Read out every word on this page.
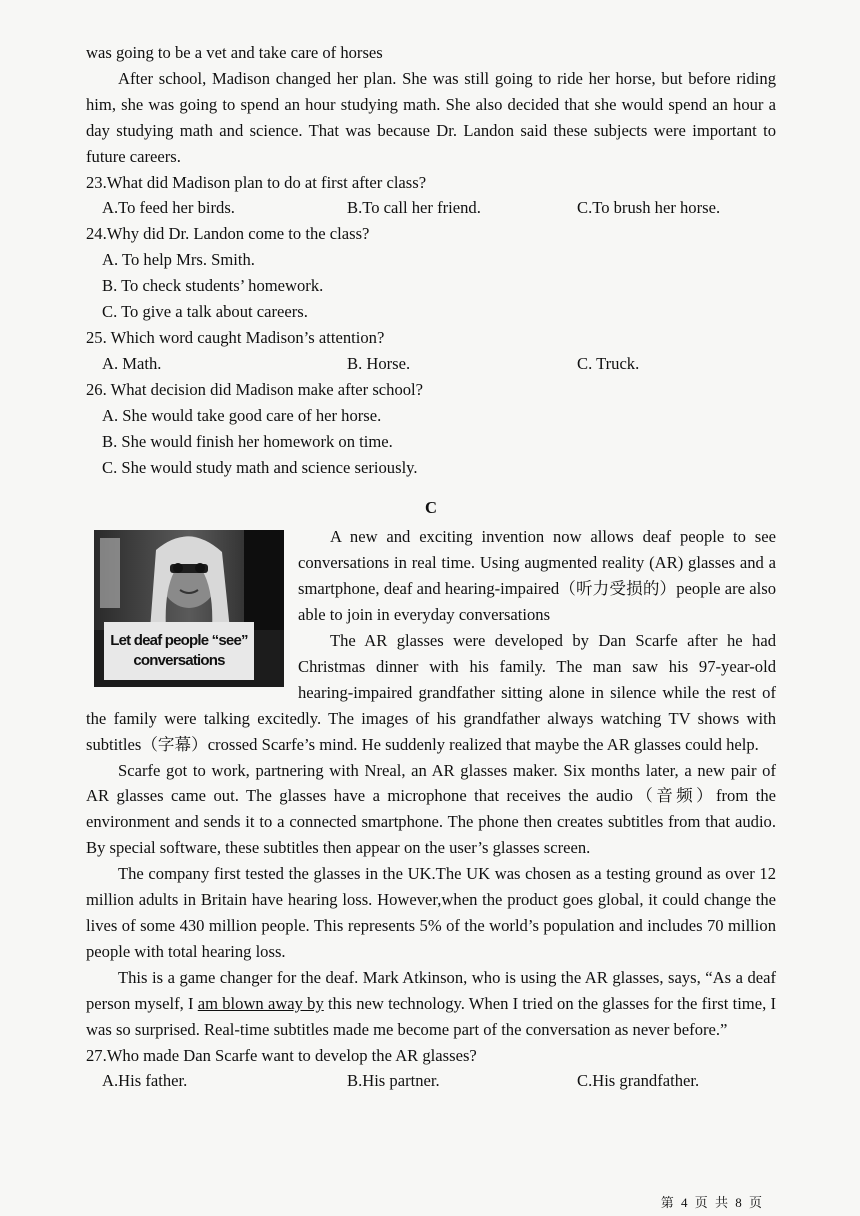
was going to be a vet and take care of horses

After school, Madison changed her plan. She was still going to ride her horse, but before riding him, she was going to spend an hour studying math. She also decided that she would spend an hour a day studying math and science. That was because Dr. Landon said these subjects were important to future careers.

23.What did Madison plan to do at first after class?

A.To feed her birds.	B.To call her friend.	C.To brush her horse.

24.Why did Dr. Landon come to the class?

A. To help Mrs. Smith.
B. To check students’ homework.
C. To give a talk about careers.

25. Which word caught Madison’s attention?

A. Math.	B. Horse.	C. Truck.

26. What decision did Madison make after school?

A. She would take good care of her horse.
B. She would finish her homework on time.
C. She would study math and science seriously.
C
Let deaf people “see”
conversations

A new and exciting invention now allows deaf people to see conversations in real time. Using augmented reality (AR) glasses and a smartphone, deaf and hearing-impaired（听力受损的）people are also able to join in everyday conversations

The AR glasses were developed by Dan Scarfe after he had Christmas dinner with his family. The man saw his 97-year-old hearing-impaired grandfather sitting alone in silence while the rest of the family were talking excitedly. The images of his grandfather always watching TV shows with subtitles（字幕）crossed Scarfe’s mind. He suddenly realized that maybe the AR glasses could help.

Scarfe got to work, partnering with Nreal, an AR glasses maker. Six months later, a new pair of AR glasses came out. The glasses have a microphone that receives the audio（音频）from the environment and sends it to a connected smartphone. The phone then creates subtitles from that audio. By special software, these subtitles then appear on the user’s glasses screen.

The company first tested the glasses in the UK.The UK was chosen as a testing ground as over 12 million adults in Britain have hearing loss. However,when the product goes global, it could change the lives of some 430 million people. This represents 5% of the world’s population and includes 70 million people with total hearing loss.

This is a game changer for the deaf. Mark Atkinson, who is using the AR glasses, says, “As a deaf person myself, I am blown away by this new technology. When I tried on the glasses for the first time, I was so surprised. Real-time subtitles made me become part of the conversation as never before.”

27.Who made Dan Scarfe want to develop the AR glasses?

A.His father.	B.His partner.	C.His grandfather.
第 4 页 共 8 页
